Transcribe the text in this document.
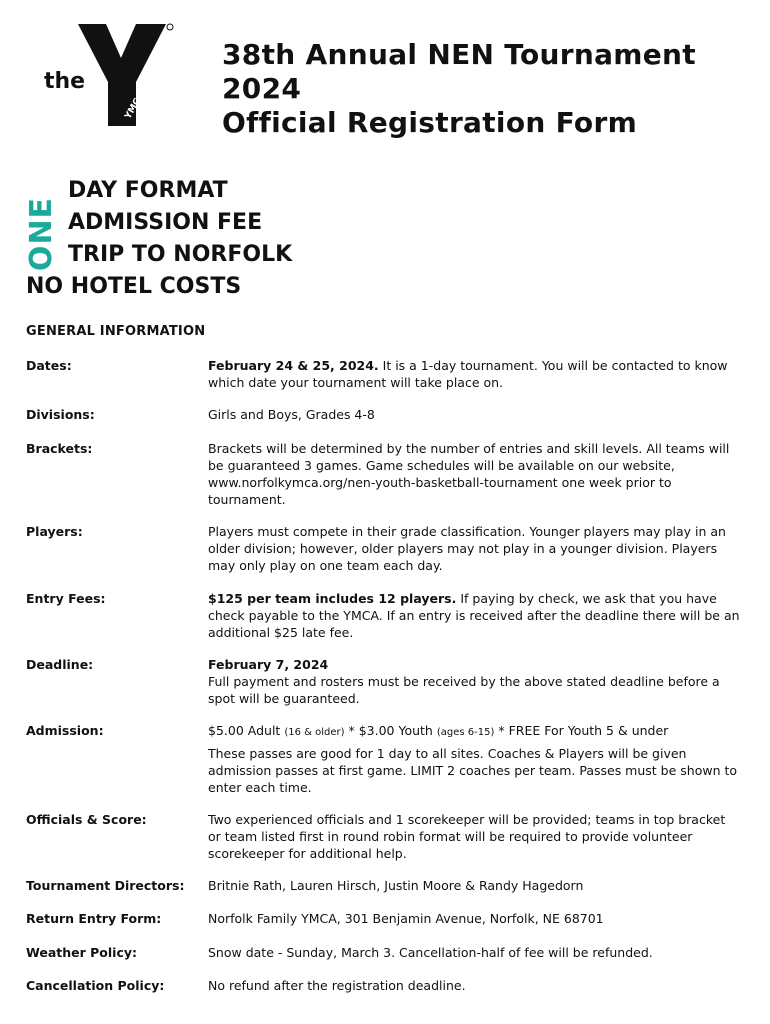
the
YMCA
38th Annual NEN Tournament 2024
Official Registration Form
ONE
DAY FORMAT
ADMISSION FEE
TRIP TO NORFOLK
NO HOTEL COSTS
GENERAL INFORMATION
Dates:	February 24 & 25, 2024. It is a 1-day tournament. You will be contacted to know which date your tournament will take place on.
Divisions:	Girls and Boys, Grades 4-8
Brackets:	Brackets will be determined by the number of entries and skill levels. All teams will be guaranteed 3 games. Game schedules will be available on our website, www.norfolkymca.org/nen-youth-basketball-tournament one week prior to tournament.
Players:	Players must compete in their grade classification. Younger players may play in an older division; however, older players may not play in a younger division. Players may only play on one team each day.
Entry Fees:	$125 per team includes 12 players. If paying by check, we ask that you have check payable to the YMCA. If an entry is received after the deadline there will be an additional $25 late fee.
Deadline:	February 7, 2024

Full payment and rosters must be received by the above stated deadline before a spot will be guaranteed.

Admission:	$5.00 Adult (16 & older) * $3.00 Youth (ages 6-15) * FREE For Youth 5 & under

These passes are good for 1 day to all sites. Coaches & Players will be given admission passes at first game. LIMIT 2 coaches per team. Passes must be shown to enter each time.

Officials & Score:	Two experienced officials and 1 scorekeeper will be provided; teams in top bracket or team listed first in round robin format will be required to provide volunteer scorekeeper for additional help.
Tournament Directors:	Britnie Rath, Lauren Hirsch, Justin Moore & Randy Hagedorn
Return Entry Form:	Norfolk Family YMCA, 301 Benjamin Avenue, Norfolk, NE 68701
Weather Policy:	Snow date - Sunday, March 3. Cancellation-half of fee will be refunded.
Cancellation Policy:	No refund after the registration deadline.
